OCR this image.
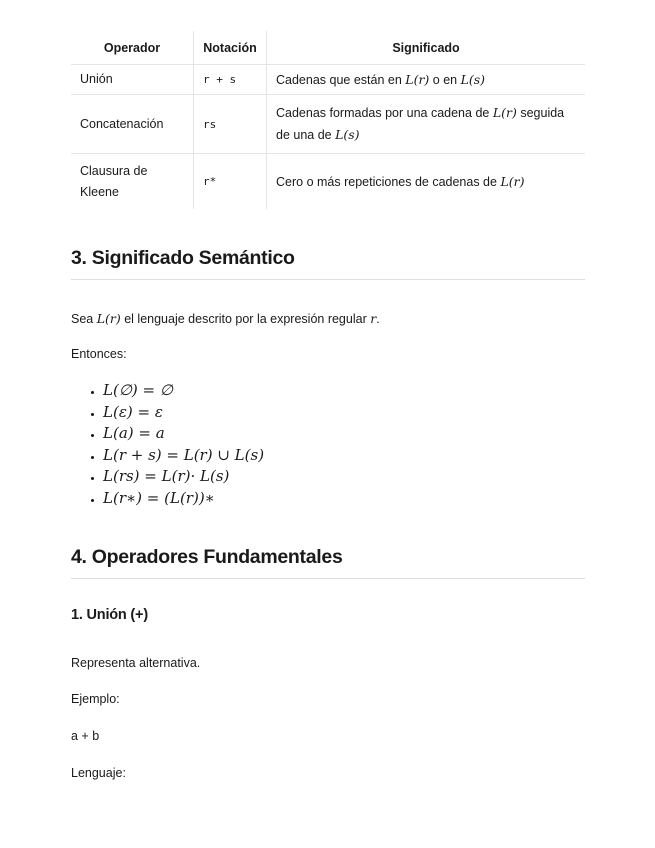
Operador	Notación	Significado
Unión	r + s	Cadenas que están en L(r) o en L(s)
Concatenación	rs	Cadenas formadas por una cadena de L(r) seguida de una de L(s)
Clausura de Kleene	r*	Cero o más repeticiones de cadenas de L(r)
3. Significado Semántico

Sea L(r) el lenguaje descrito por la expresión regular r.

Entonces:

• L(∅) = ∅
• L(ε) = ε
• L(a) = a
• L(r + s) = L(r) ∪ L(s)
• L(rs) = L(r)· L(s)
• L(r∗) = (L(r))∗
4. Operadores Fundamentales
1. Unión (+)

Representa alternativa.

Ejemplo:

a + b

Lenguaje:
